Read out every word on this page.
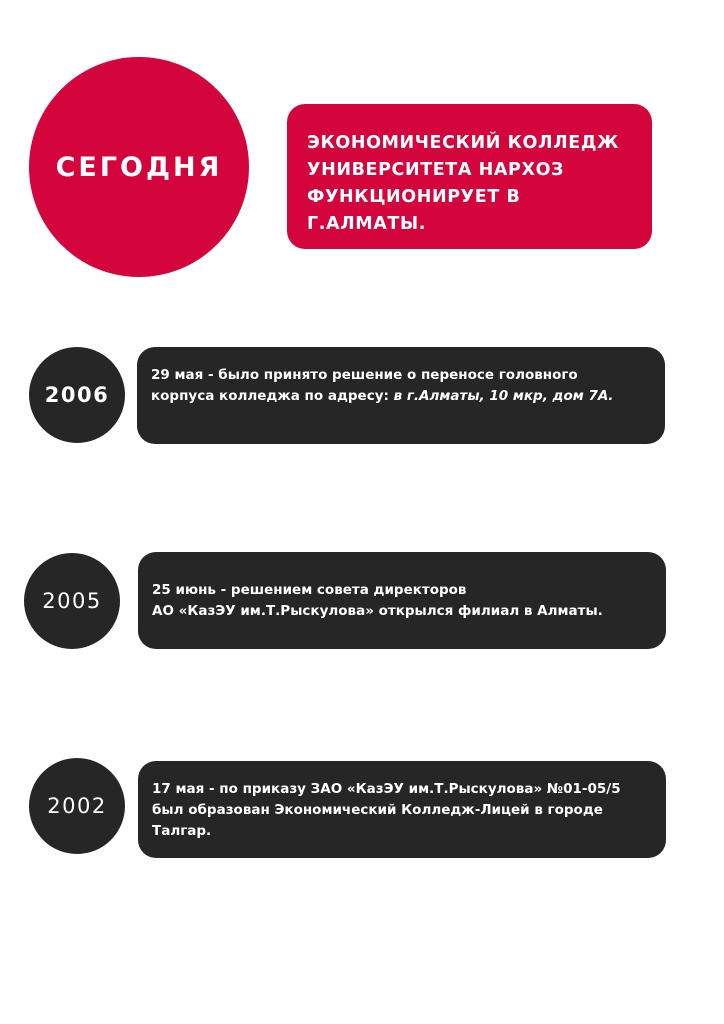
СЕГОДНЯ

ЭКОНОМИЧЕСКИЙ КОЛЛЕДЖ УНИВЕРСИТЕТА НАРХОЗ ФУНКЦИОНИРУЕТ В Г.АЛМАТЫ.

29 мая - было принято решение о переносе головного корпуса колледжа по адресу: в г.Алматы, 10 мкр, дом 7А.

2006

25 июнь - решением совета директоров
АО «КазЭУ им.Т.Рыскулова» открылся филиал в Алматы.

2005

17 мая - по приказу ЗАО «КазЭУ им.Т.Рыскулова» №01-05/5 был образован Экономический Колледж-Лицей в городе Талгар.

2002
